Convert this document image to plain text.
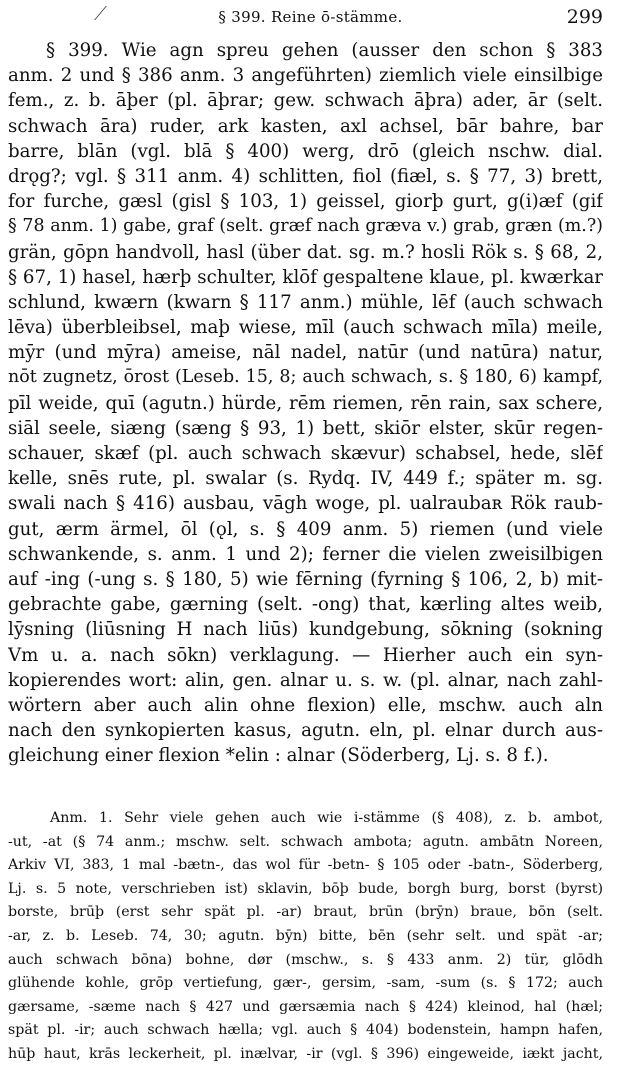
§ 399. Reine ō-stämme.	299
§ 399. Wie agn spreu gehen (ausser den schon § 383
anm. 2 und § 386 anm. 3 angeführten) ziemlich viele einsilbige
fem., z. b. āþer (pl. āþrar; gew. schwach āþra) ader, ār (selt.
schwach āra) ruder, ark kasten, axl achsel, bār bahre, bar
barre, blān (vgl. blā § 400) werg, drō (gleich nschw. dial.
drǫg?; vgl. § 311 anm. 4) schlitten, fiol (fiæl, s. § 77, 3) brett,
for furche, gæsl (gisl § 103, 1) geissel, giorþ gurt, g(i)æf (gif
§ 78 anm. 1) gabe, graf (selt. græf nach græva v.) grab, græn (m.?)
grän, gōpn handvoll, hasl (über dat. sg. m.? hosli Rök s. § 68, 2,
§ 67, 1) hasel, hærþ schulter, klōf gespaltene klaue, pl. kwærkar
schlund, kwærn (kwarn § 117 anm.) mühle, lēf (auch schwach
lēva) überbleibsel, maþ wiese, mīl (auch schwach mīla) meile,
mȳr (und mȳra) ameise, nāl nadel, natūr (und natūra) natur,
nōt zugnetz, ōrost (Leseb. 15, 8; auch schwach, s. § 180, 6) kampf,
pīl weide, quī (agutn.) hürde, rēm riemen, rēn rain, sax schere,
siāl seele, siæng (sæng § 93, 1) bett, skiōr elster, skūr regen-
schauer, skæf (pl. auch schwach skævur) schabsel, hede, slēf
kelle, snēs rute, pl. swalar (s. Rydq. IV, 449 f.; später m. sg.
swali nach § 416) ausbau, vāgh woge, pl. ualraubaʀ Rök raub-
gut, ærm ärmel, ōl (ǫl, s. § 409 anm. 5) riemen (und viele
schwankende, s. anm. 1 und 2); ferner die vielen zweisilbigen
auf -ing (-ung s. § 180, 5) wie fērning (fyrning § 106, 2, b) mit-
gebrachte gabe, gærning (selt. -ong) that, kærling altes weib,
lȳsning (liūsning H nach liūs) kundgebung, sōkning (sokning
Vm u. a. nach sōkn) verklagung. — Hierher auch ein syn-
kopierendes wort: alin, gen. alnar u. s. w. (pl. alnar, nach zahl-
wörtern aber auch alin ohne flexion) elle, mschw. auch aln
nach den synkopierten kasus, agutn. eln, pl. elnar durch aus-
gleichung einer flexion *elin : alnar (Söderberg, Lj. s. 8 f.).
Anm. 1. Sehr viele gehen auch wie i-stämme (§ 408), z. b. ambot,
-ut, -at (§ 74 anm.; mschw. selt. schwach ambota; agutn. ambātn Noreen,
Arkiv VI, 383, 1 mal -bætn-, das wol für -betn- § 105 oder -batn-, Söderberg,
Lj. s. 5 note, verschrieben ist) sklavin, bōþ bude, borgh burg, borst (byrst)
borste, brūþ (erst sehr spät pl. -ar) braut, brūn (brȳn) braue, bōn (selt.
-ar, z. b. Leseb. 74, 30; agutn. bȳn) bitte, bēn (sehr selt. und spät -ar;
auch schwach bōna) bohne, dør (mschw., s. § 433 anm. 2) tür, glōdh
glühende kohle, grōp vertiefung, gær-, gersim, -sam, -sum (s. § 172; auch
gærsame, -sæme nach § 427 und gærsæmia nach § 424) kleinod, hal (hæl;
spät pl. -ir; auch schwach hælla; vgl. auch § 404) bodenstein, hampn hafen,
hūþ haut, krās leckerheit, pl. inælvar, -ir (vgl. § 396) eingeweide, iækt jacht,
